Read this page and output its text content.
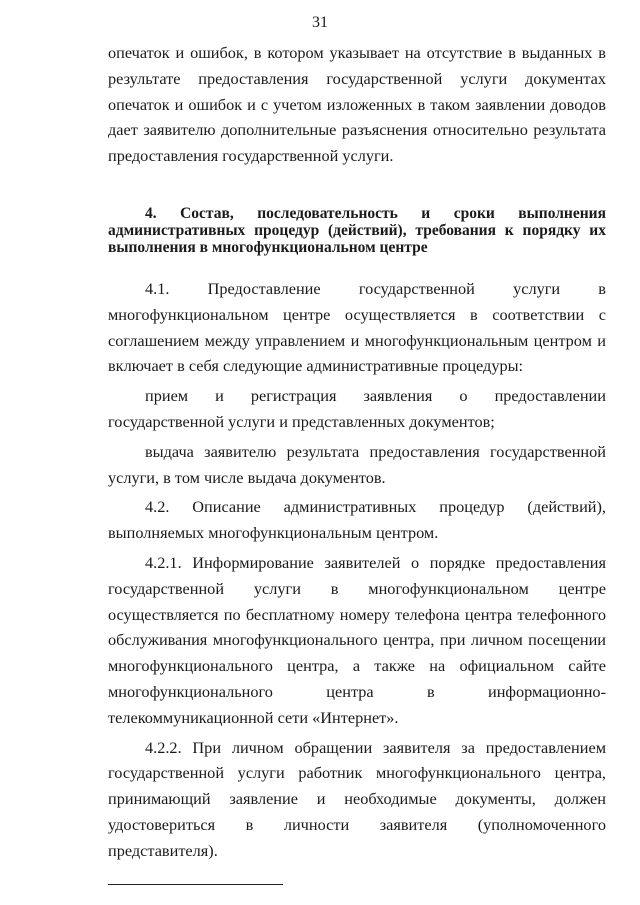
31

опечаток и ошибок, в котором указывает на отсутствие в выданных в результате предоставления государственной услуги документах опечаток и ошибок и с учетом изложенных в таком заявлении доводов дает заявителю дополнительные разъяснения относительно результата предоставления государственной услуги.

4. Состав, последовательность и сроки выполнения административных процедур (действий), требования к порядку их выполнения в многофункциональном центре

4.1. Предоставление государственной услуги в многофункциональном центре осуществляется в соответствии с соглашением между управлением и многофункциональным центром и включает в себя следующие административные процедуры:

прием и регистрация заявления о предоставлении государственной услуги и представленных документов;

выдача заявителю результата предоставления государственной услуги, в том числе выдача документов.

4.2. Описание административных процедур (действий), выполняемых многофункциональным центром.

4.2.1. Информирование заявителей о порядке предоставления государственной услуги в многофункциональном центре осуществляется по бесплатному номеру телефона центра телефонного обслуживания многофункционального центра, при личном посещении многофункционального центра, а также на официальном сайте многофункционального центра в информационно-телекоммуникационной сети «Интернет».

4.2.2. При личном обращении заявителя за предоставлением государственной услуги работник многофункционального центра, принимающий заявление и необходимые документы, должен удостовериться в личности заявителя (уполномоченного представителя).
